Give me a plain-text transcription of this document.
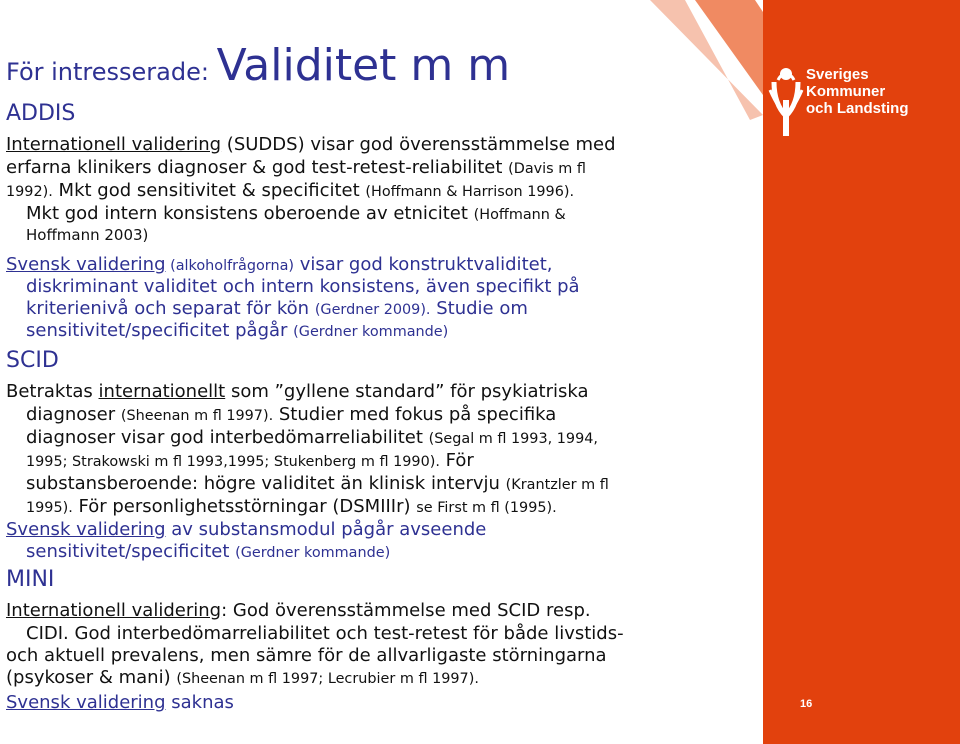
Sveriges
Kommuner
och Landsting
16
För intresserade: Validitet m m
ADDIS
Internationell validering (SUDDS) visar god överensstämmelse med
erfarna klinikers diagnoser & god test-retest-reliabilitet (Davis m fl
1992). Mkt god sensitivitet & specificitet (Hoffmann & Harrison 1996).
Mkt god intern konsistens oberoende av etnicitet (Hoffmann &
Hoffmann 2003)
Svensk validering (alkoholfrågorna) visar god konstruktvaliditet,
diskriminant validitet och intern konsistens, även specifikt på
kriterienivå och separat för kön (Gerdner 2009). Studie om
sensitivitet/specificitet pågår (Gerdner kommande)
SCID
Betraktas internationellt som ”gyllene standard” för psykiatriska
diagnoser (Sheenan m fl 1997). Studier med fokus på specifika
diagnoser visar god interbedömarreliabilitet (Segal m fl 1993, 1994,
1995; Strakowski m fl 1993,1995; Stukenberg m fl 1990). För
substansberoende: högre validitet än klinisk intervju (Krantzler m fl
1995). För personlighetsstörningar (DSMIIIr) se First m fl (1995).
Svensk validering av substansmodul pågår avseende
sensitivitet/specificitet (Gerdner kommande)
MINI
Internationell validering: God överensstämmelse med SCID resp.
CIDI. God interbedömarreliabilitet och test-retest för både livstids-
och aktuell prevalens, men sämre för de allvarligaste störningarna
(psykoser & mani) (Sheenan m fl 1997; Lecrubier m fl 1997).
Svensk validering saknas
